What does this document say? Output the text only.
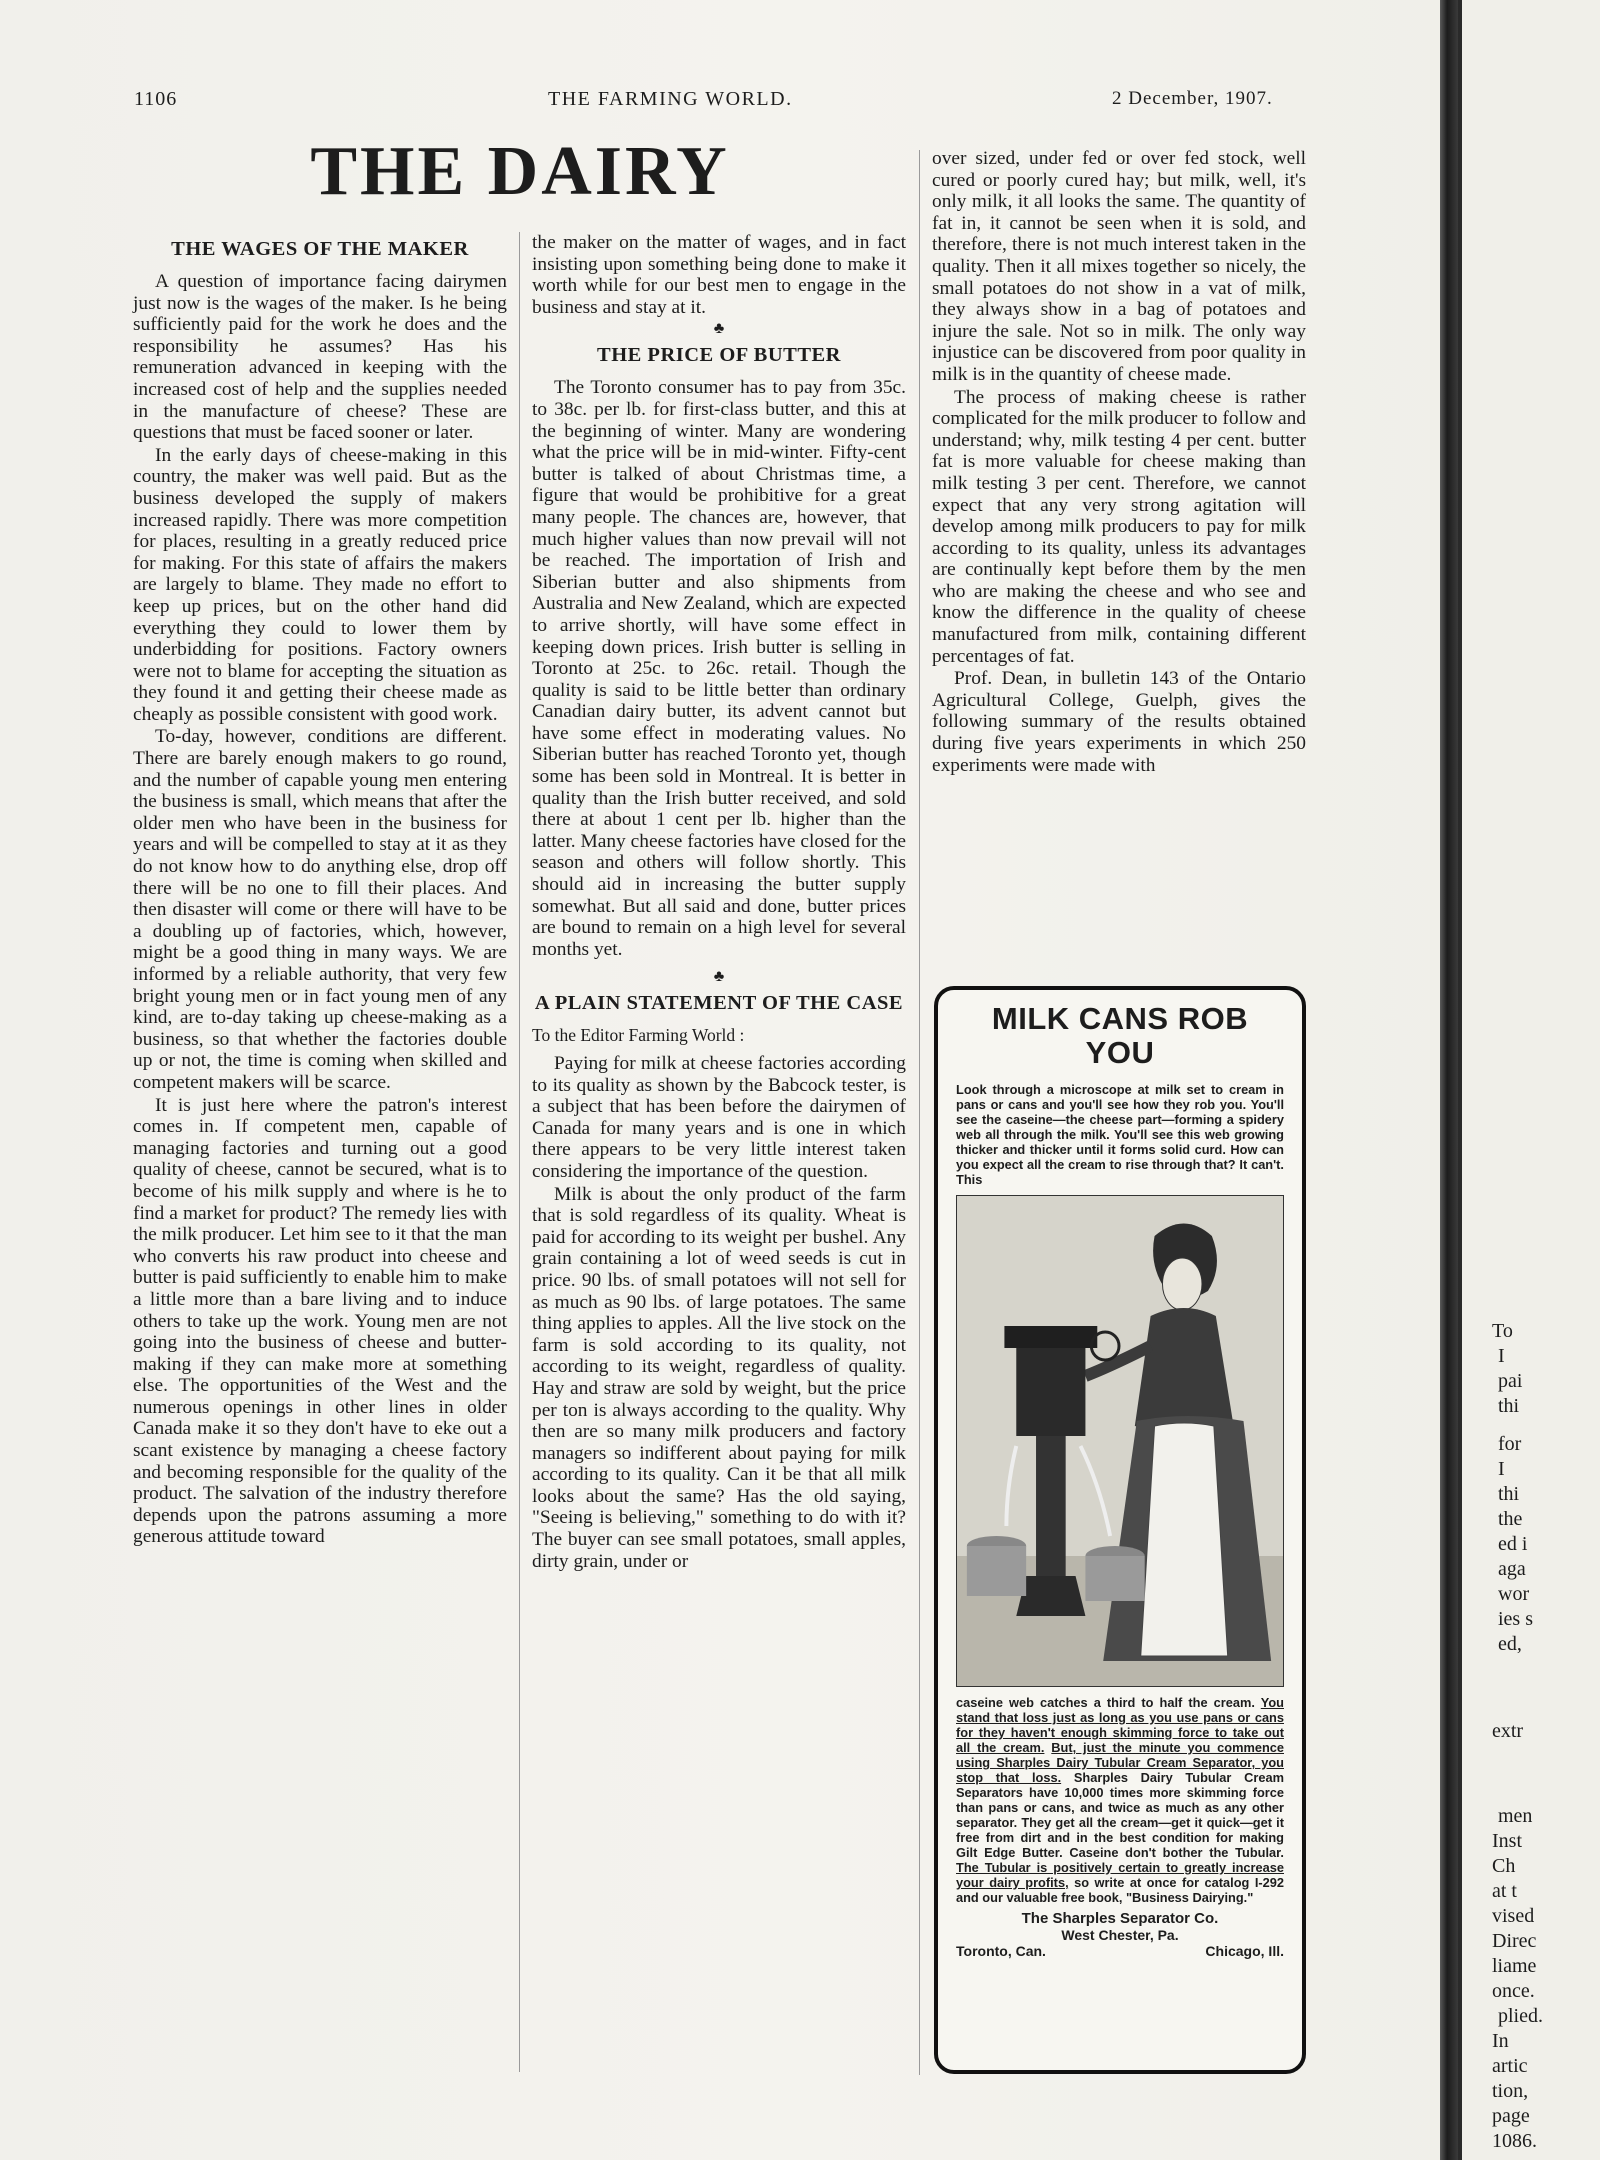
1106	THE FARMING WORLD.	2 December, 1907.
THE DAIRY
THE WAGES OF THE MAKER

A question of importance facing dairymen just now is the wages of the maker. Is he being sufficiently paid for the work he does and the responsibility he assumes? Has his remuneration advanced in keeping with the increased cost of help and the supplies needed in the manufacture of cheese? These are questions that must be faced sooner or later.

In the early days of cheese-making in this country, the maker was well paid. But as the business developed the supply of makers increased rapidly. There was more competition for places, resulting in a greatly reduced price for making. For this state of affairs the makers are largely to blame. They made no effort to keep up prices, but on the other hand did everything they could to lower them by underbidding for positions. Factory owners were not to blame for accepting the situation as they found it and getting their cheese made as cheaply as possible consistent with good work.

To-day, however, conditions are different. There are barely enough makers to go round, and the number of capable young men entering the business is small, which means that after the older men who have been in the business for years and will be compelled to stay at it as they do not know how to do anything else, drop off there will be no one to fill their places. And then disaster will come or there will have to be a doubling up of factories, which, however, might be a good thing in many ways. We are informed by a reliable authority, that very few bright young men or in fact young men of any kind, are to-day taking up cheese-making as a business, so that whether the factories double up or not, the time is coming when skilled and competent makers will be scarce.

It is just here where the patron's interest comes in. If competent men, capable of managing factories and turning out a good quality of cheese, cannot be secured, what is to become of his milk supply and where is he to find a market for product? The remedy lies with the milk producer. Let him see to it that the man who converts his raw product into cheese and butter is paid sufficiently to enable him to make a little more than a bare living and to induce others to take up the work. Young men are not going into the business of cheese and butter-making if they can make more at something else. The opportunities of the West and the numerous openings in other lines in older Canada make it so they don't have to eke out a scant existence by managing a cheese factory and becoming responsible for the quality of the product. The salvation of the industry therefore depends upon the patrons assuming a more generous attitude toward

the maker on the matter of wages, and in fact insisting upon something being done to make it worth while for our best men to engage in the business and stay at it.

♣
THE PRICE OF BUTTER

The Toronto consumer has to pay from 35c. to 38c. per lb. for first-class butter, and this at the beginning of winter. Many are wondering what the price will be in mid-winter. Fifty-cent butter is talked of about Christmas time, a figure that would be prohibitive for a great many people. The chances are, however, that much higher values than now prevail will not be reached. The importation of Irish and Siberian butter and also shipments from Australia and New Zealand, which are expected to arrive shortly, will have some effect in keeping down prices. Irish butter is selling in Toronto at 25c. to 26c. retail. Though the quality is said to be little better than ordinary Canadian dairy butter, its advent cannot but have some effect in moderating values. No Siberian butter has reached Toronto yet, though some has been sold in Montreal. It is better in quality than the Irish butter received, and sold there at about 1 cent per lb. higher than the latter. Many cheese factories have closed for the season and others will follow shortly. This should aid in increasing the butter supply somewhat. But all said and done, butter prices are bound to remain on a high level for several months yet.

♣
A PLAIN STATEMENT OF THE CASE

To the Editor Farming World :

Paying for milk at cheese factories according to its quality as shown by the Babcock tester, is a subject that has been before the dairymen of Canada for many years and is one in which there appears to be very little interest taken considering the importance of the question.

Milk is about the only product of the farm that is sold regardless of its quality. Wheat is paid for according to its weight per bushel. Any grain containing a lot of weed seeds is cut in price. 90 lbs. of small potatoes will not sell for as much as 90 lbs. of large potatoes. The same thing applies to apples. All the live stock on the farm is sold according to its quality, not according to its weight, regardless of quality. Hay and straw are sold by weight, but the price per ton is always according to the quality. Why then are so many milk producers and factory managers so indifferent about paying for milk according to its quality. Can it be that all milk looks about the same? Has the old saying, "Seeing is believing," something to do with it? The buyer can see small potatoes, small apples, dirty grain, under or

over sized, under fed or over fed stock, well cured or poorly cured hay; but milk, well, it's only milk, it all looks the same. The quantity of fat in, it cannot be seen when it is sold, and therefore, there is not much interest taken in the quality. Then it all mixes together so nicely, the small potatoes do not show in a vat of milk, they always show in a bag of potatoes and injure the sale. Not so in milk. The only way injustice can be discovered from poor quality in milk is in the quantity of cheese made.

The process of making cheese is rather complicated for the milk producer to follow and understand; why, milk testing 4 per cent. butter fat is more valuable for cheese making than milk testing 3 per cent. Therefore, we cannot expect that any very strong agitation will develop among milk producers to pay for milk according to its quality, unless its advantages are continually kept before them by the men who are making the cheese and who see and know the difference in the quality of cheese manufactured from milk, containing different percentages of fat.

Prof. Dean, in bulletin 143 of the Ontario Agricultural College, Guelph, gives the following summary of the results obtained during five years experiments in which 250 experiments were made with

MILK CANS ROB
YOU

Look through a microscope at milk set to cream in pans or cans and you'll see how they rob you. You'll see the caseine—the cheese part—forming a spidery web all through the milk. You'll see this web growing thicker and thicker until it forms solid curd. How can you expect all the cream to rise through that? It can't. This

caseine web catches a third to half the cream. You stand that loss just as long as you use pans or cans for they haven't enough skimming force to take out all the cream. But, just the minute you commence using Sharples Dairy Tubular Cream Separator, you stop that loss. Sharples Dairy Tubular Cream Separators have 10,000 times more skimming force than pans or cans, and twice as much as any other separator. They get all the cream—get it quick—get it free from dirt and in the best condition for making Gilt Edge Butter. Caseine don't bother the Tubular. The Tubular is positively certain to greatly increase your dairy profits, so write at once for catalog I-292 and our valuable free book, "Business Dairying."

The Sharples Separator Co.
West Chester, Pa.
Toronto, Can.	Chicago, Ill.
To
I
pai
thi
for
I
thi
the
ed i
aga
wor
ies s
ed,
extr
men
Inst
Ch
at t
vised
Direc
liame
once.
plied.
In
artic
tion,
page
1086.
